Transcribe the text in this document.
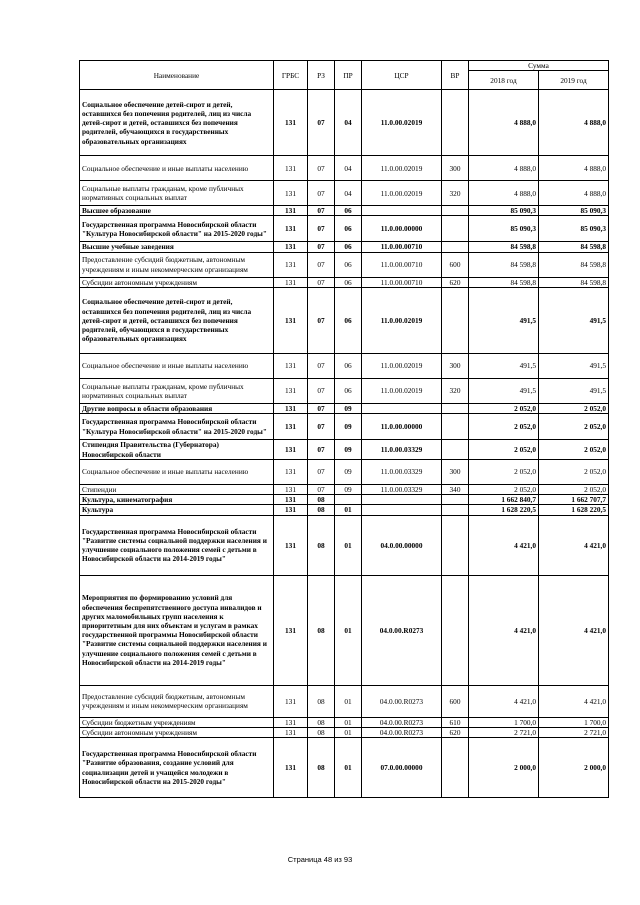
Наименование	ГРБС	РЗ	ПР	ЦСР	ВР	Сумма	
						2018 год	2019 год
Социальное обеспечение детей-сирот и детей, оставшихся без попечения родителей, лиц из числа детей-сирот и детей, оставшихся без попечения родителей, обучающихся в государственных образовательных организациях	131	07	04	11.0.00.02019		4 888,0	4 888,0
Социальное обеспечение и иные выплаты населению	131	07	04	11.0.00.02019	300	4 888,0	4 888,0
Социальные выплаты гражданам, кроме публичных нормативных социальных выплат	131	07	04	11.0.00.02019	320	4 888,0	4 888,0
Высшее образование	131	07	06			85 090,3	85 090,3
Государственная программа Новосибирской области "Культура Новосибирской области" на 2015-2020 годы"	131	07	06	11.0.00.00000		85 090,3	85 090,3
Высшие учебные заведения	131	07	06	11.0.00.00710		84 598,8	84 598,8
Предоставление субсидий бюджетным, автономным учреждениям и иным некоммерческим организациям	131	07	06	11.0.00.00710	600	84 598,8	84 598,8
Субсидии автономным учреждениям	131	07	06	11.0.00.00710	620	84 598,8	84 598,8
Социальное обеспечение детей-сирот и детей, оставшихся без попечения родителей, лиц из числа детей-сирот и детей, оставшихся без попечения родителей, обучающихся в государственных образовательных организациях	131	07	06	11.0.00.02019		491,5	491,5
Социальное обеспечение и иные выплаты населению	131	07	06	11.0.00.02019	300	491,5	491,5
Социальные выплаты гражданам, кроме публичных нормативных социальных выплат	131	07	06	11.0.00.02019	320	491,5	491,5
Другие вопросы в области образования	131	07	09			2 052,0	2 052,0
Государственная программа Новосибирской области "Культура Новосибирской области" на 2015-2020 годы"	131	07	09	11.0.00.00000		2 052,0	2 052,0
Стипендия Правительства (Губернатора) Новосибирской области	131	07	09	11.0.00.03329		2 052,0	2 052,0
Социальное обеспечение и иные выплаты населению	131	07	09	11.0.00.03329	300	2 052,0	2 052,0
Стипендии	131	07	09	11.0.00.03329	340	2 052,0	2 052,0
Культура, кинематография	131	08				1 662 840,7	1 662 707,7
Культура	131	08	01			1 628 220,5	1 628 220,5
Государственная программа Новосибирской области "Развитие системы социальной поддержки населения и улучшение социального положения семей с детьми в Новосибирской области на 2014-2019 годы"	131	08	01	04.0.00.00000		4 421,0	4 421,0
Мероприятия по формированию условий для обеспечения беспрепятственного доступа инвалидов и других маломобильных групп населения к приоритетным для них объектам и услугам в рамках государственной программы Новосибирской области "Развитие системы социальной поддержки населения и улучшение социального положения семей с детьми в Новосибирской области на 2014-2019 годы"	131	08	01	04.0.00.R0273		4 421,0	4 421,0
Предоставление субсидий бюджетным, автономным учреждениям и иным некоммерческим организациям	131	08	01	04.0.00.R0273	600	4 421,0	4 421,0
Субсидии бюджетным учреждениям	131	08	01	04.0.00.R0273	610	1 700,0	1 700,0
Субсидии автономным учреждениям	131	08	01	04.0.00.R0273	620	2 721,0	2 721,0
Государственная программа Новосибирской области "Развитие образования, создание условий для социализации детей и учащейся молодежи в Новосибирской области на 2015-2020 годы"	131	08	01	07.0.00.00000		2 000,0	2 000,0
Страница 48 из 93
